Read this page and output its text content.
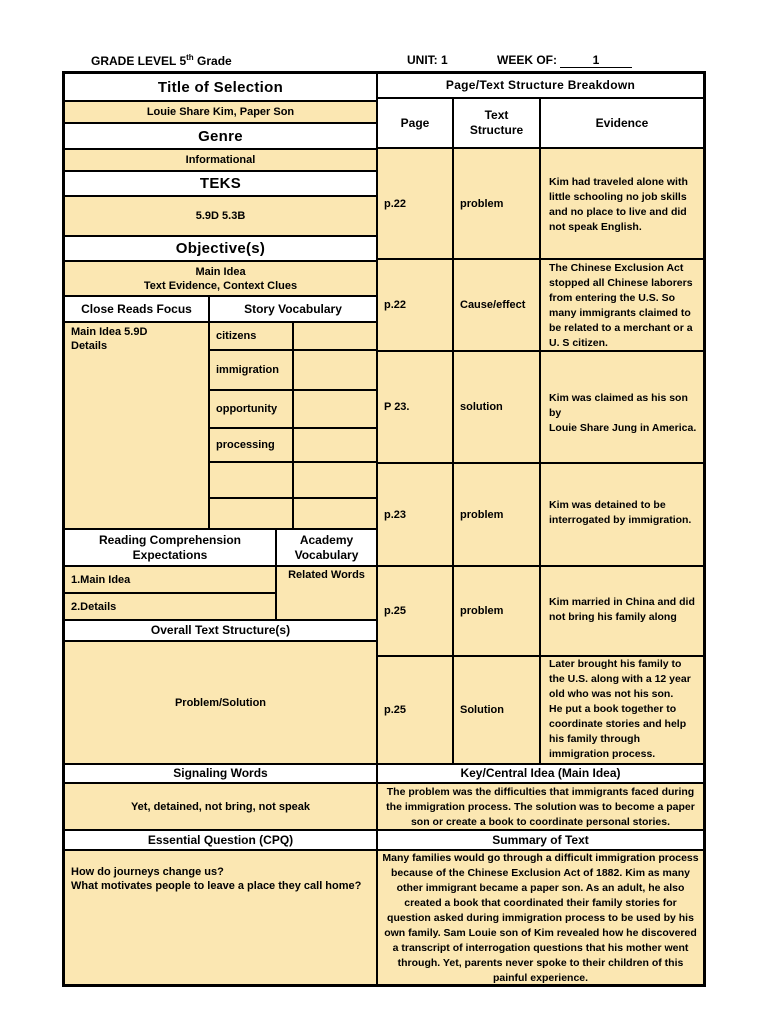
GRADE LEVEL 5th Grade	UNIT: 1	WEEK OF:	1
Title of Selection
Louie Share Kim, Paper Son
Genre
Informational
TEKS
5.9D 5.3B
Objective(s)
Main Idea
Text Evidence, Context Clues
Close Reads Focus	Story Vocabulary
Main Idea 5.9D
Details
citizens
immigration
opportunity
processing
Reading Comprehension
Expectations
Academy
Vocabulary
1.Main Idea
2.Details
Related Words
Overall Text Structure(s)
Problem/Solution
Signaling Words
Yet, detained, not bring, not speak
Essential Question (CPQ)
How do journeys change us?
What motivates people to leave a place they call home?
Page/Text Structure Breakdown
Page
Text
Structure
Evidence
p.22	problem
Kim had traveled alone with
little schooling no job skills
and no place to live and did
not speak English.
p.22	Cause/effect
The Chinese Exclusion Act
stopped all Chinese laborers
from entering the U.S. So
many immigrants claimed to
be related to a merchant or a
U. S citizen.
P 23.	solution
Kim was claimed as his son by
Louie Share Jung in America.
p.23	problem
Kim was detained to be
interrogated by immigration.
p.25	problem
Kim married in China and did
not bring his family along
p.25	Solution
Later brought his family to
the U.S. along with a 12 year
old who was not his son.
He put a book together to
coordinate stories and help
his family through
immigration process.
Key/Central Idea (Main Idea)
The problem was the difficulties that immigrants faced during
the immigration process. The solution was to become a paper
son or create a book to coordinate personal stories.
Summary of Text
Many families would go through a difficult immigration process
because of the Chinese Exclusion Act of 1882. Kim as many
other immigrant became a paper son. As an adult, he also
created a book that coordinated their family stories for
question asked during immigration process to be used by his
own family. Sam Louie son of Kim revealed how he discovered
a transcript of interrogation questions that his mother went
through. Yet, parents never spoke to their children of this
painful experience.
